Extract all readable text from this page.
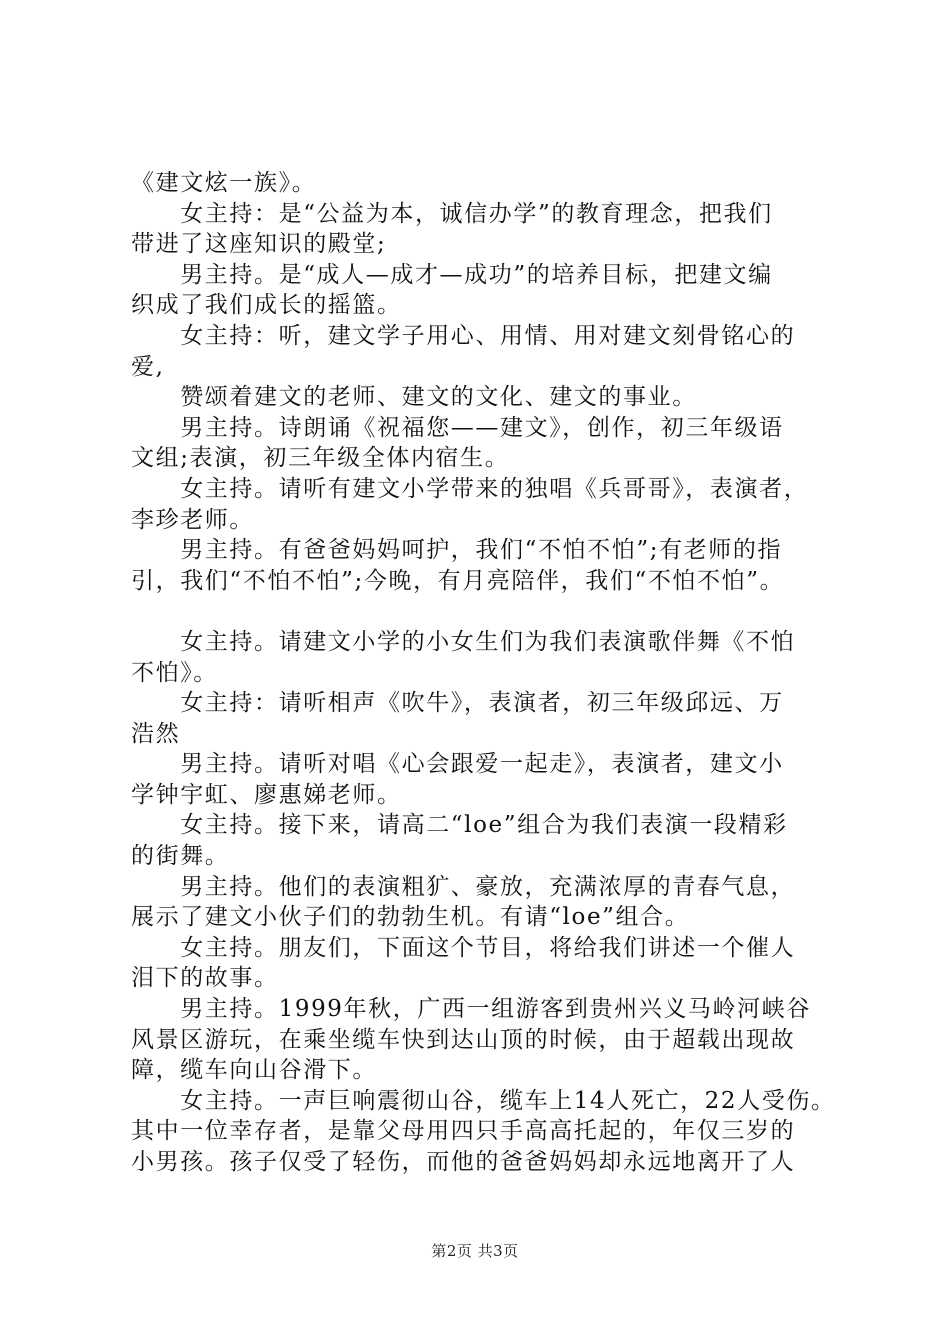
《建文炫一族》。

　　女主持：是“公益为本，诚信办学”的教育理念，把我们

带进了这座知识的殿堂;

　　男主持。是“成人—成才—成功”的培养目标，把建文编

织成了我们成长的摇篮。

　　女主持：听，建文学子用心、用情、用对建文刻骨铭心的

爱,

　　赞颂着建文的老师、建文的文化、建文的事业。

　　男主持。诗朗诵《祝福您——建文》，创作，初三年级语

文组;表演，初三年级全体内宿生。

　　女主持。请听有建文小学带来的独唱《兵哥哥》，表演者，

李珍老师。

　　男主持。有爸爸妈妈呵护，我们“不怕不怕”;有老师的指

引，我们“不怕不怕”;今晚，有月亮陪伴，我们“不怕不怕”。

　　女主持。请建文小学的小女生们为我们表演歌伴舞《不怕

不怕》。

　　女主持：请听相声《吹牛》，表演者，初三年级邱远、万

浩然

　　男主持。请听对唱《心会跟爱一起走》，表演者，建文小

学钟宇虹、廖惠娣老师。

　　女主持。接下来，请高二“loe”组合为我们表演一段精彩

的街舞。

　　男主持。他们的表演粗犷、豪放，充满浓厚的青春气息，

展示了建文小伙子们的勃勃生机。有请“loe”组合。

　　女主持。朋友们，下面这个节目，将给我们讲述一个催人

泪下的故事。

　　男主持。1999年秋，广西一组游客到贵州兴义马岭河峡谷

风景区游玩，在乘坐缆车快到达山顶的时候，由于超载出现故

障，缆车向山谷滑下。

　　女主持。一声巨响震彻山谷，缆车上14人死亡，22人受伤。

其中一位幸存者，是靠父母用四只手高高托起的，年仅三岁的

小男孩。孩子仅受了轻伤，而他的爸爸妈妈却永远地离开了人

第2页 共3页
